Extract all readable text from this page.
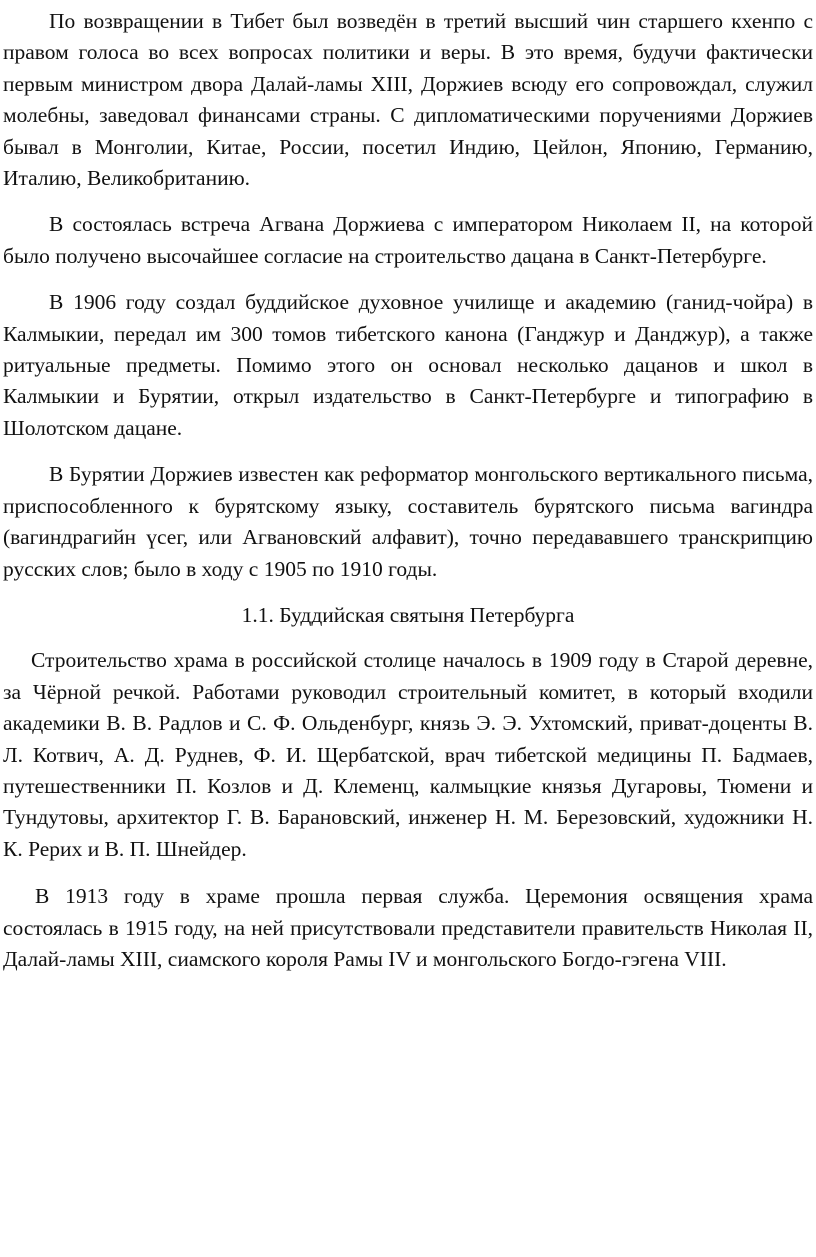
По возвращении в Тибет был возведён в третий высший чин старшего кхенпо с правом голоса во всех вопросах политики и веры. В это время, будучи фактически первым министром двора Далай-ламы XIII, Доржиев всюду его сопровождал, служил молебны, заведовал финансами страны. С дипломатическими поручениями Доржиев бывал в Монголии, Китае, России, посетил Индию, Цейлон, Японию, Германию, Италию, Великобританию.

В состоялась встреча Агвана Доржиева с императором Николаем II, на которой было получено высочайшее согласие на строительство дацана в Санкт-Петербурге.

В 1906 году создал буддийское духовное училище и академию (ганид-чойра) в Калмыкии, передал им 300 томов тибетского канона (Ганджур и Данджур), а также ритуальные предметы. Помимо этого он основал несколько дацанов и школ в Калмыкии и Бурятии, открыл издательство в Санкт-Петербурге и типографию в Шолотском дацане.

В Бурятии Доржиев известен как реформатор монгольского вертикального письма, приспособленного к бурятскому языку, составитель бурятского письма вагиндра (вагиндрагийн үсег, или Агвановский алфавит), точно передававшего транскрипцию русских слов; было в ходу с 1905 по 1910 годы.

1.1. Буддийская святыня Петербурга

Строительство храма в российской столице началось в 1909 году в Старой деревне, за Чёрной речкой. Работами руководил строительный комитет, в который входили академики В. В. Радлов и С. Ф. Ольденбург, князь Э. Э. Ухтомский, приват-доценты В. Л. Котвич, А. Д. Руднев, Ф. И. Щербатской, врач тибетской медицины П. Бадмаев, путешественники П. Козлов и Д. Клеменц, калмыцкие князья Дугаровы, Тюмени и Тундутовы, архитектор Г. В. Барановский, инженер Н. М. Березовский, художники Н. К. Рерих и В. П. Шнейдер.

В 1913 году в храме прошла первая служба. Церемония освящения храма состоялась в 1915 году, на ней присутствовали представители правительств Николая II, Далай-ламы XIII, сиамского короля Рамы IV и монгольского Богдо-гэгена VIII.
